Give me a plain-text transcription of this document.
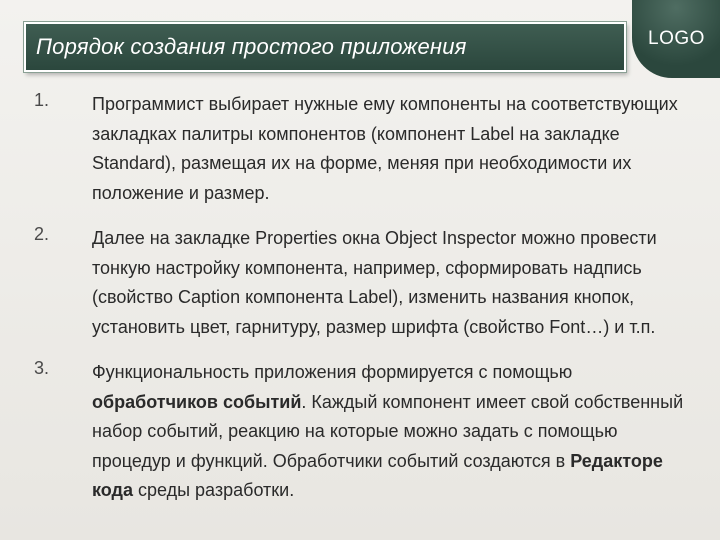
Порядок создания простого приложения	LOGO
1. Программист выбирает нужные ему компоненты на соответствующих закладках палитры компонентов (компонент Label на закладке Standard), размещая их на форме, меняя при необходимости их положение и размер.
2. Далее на закладке Properties окна Object Inspector можно провести тонкую настройку компонента, например, сформировать надпись (свойство Caption компонента Label), изменить названия кнопок, установить цвет, гарнитуру, размер шрифта (свойство Font…) и т.п.
3. Функциональность приложения формируется с помощью обработчиков событий. Каждый компонент имеет свой собственный набор событий, реакцию на которые можно задать с помощью процедур и функций. Обработчики событий создаются в Редакторе кода среды разработки.
